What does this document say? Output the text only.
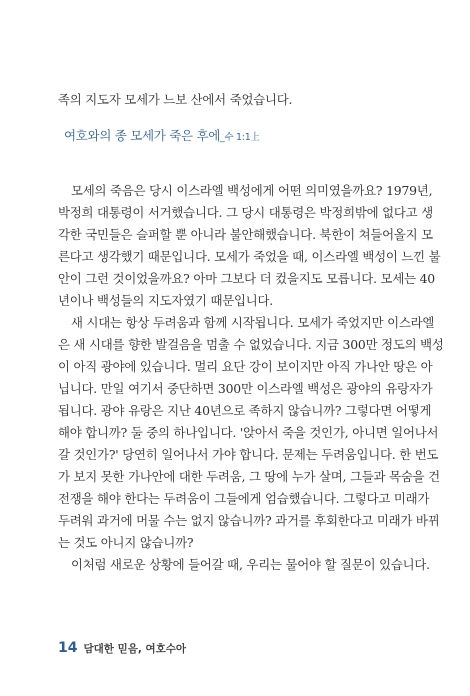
족의 지도자 모세가 느보 산에서 죽었습니다.
여호와의 종 모세가 죽은 후에_수 1:1上
모세의 죽음은 당시 이스라엘 백성에게 어떤 의미였을까요? 1979년,
박정희 대통령이 서거했습니다. 그 당시 대통령은 박정희밖에 없다고 생
각한 국민들은 슬퍼할 뿐 아니라 불안해했습니다. 북한이 쳐들어올지 모
른다고 생각했기 때문입니다. 모세가 죽었을 때, 이스라엘 백성이 느낀 불
안이 그런 것이었을까요? 아마 그보다 더 컸을지도 모릅니다. 모세는 40
년이나 백성들의 지도자였기 때문입니다.
새 시대는 항상 두려움과 함께 시작됩니다. 모세가 죽었지만 이스라엘
은 새 시대를 향한 발걸음을 멈출 수 없었습니다. 지금 300만 정도의 백성
이 아직 광야에 있습니다. 멀리 요단 강이 보이지만 아직 가나안 땅은 아
닙니다. 만일 여기서 중단하면 300만 이스라엘 백성은 광야의 유랑자가
됩니다. 광야 유랑은 지난 40년으로 족하지 않습니까? 그렇다면 어떻게
해야 합니까? 둘 중의 하나입니다. '앉아서 죽을 것인가, 아니면 일어나서
갈 것인가?' 당연히 일어나서 가야 합니다. 문제는 두려움입니다. 한 번도
가 보지 못한 가나안에 대한 두려움, 그 땅에 누가 살며, 그들과 목숨을 건
전쟁을 해야 한다는 두려움이 그들에게 엄습했습니다. 그렇다고 미래가
두려워 과거에 머물 수는 없지 않습니까? 과거를 후회한다고 미래가 바뀌
는 것도 아니지 않습니까?
이처럼 새로운 상황에 들어갈 때, 우리는 물어야 할 질문이 있습니다.
14 담대한 믿음, 여호수아
